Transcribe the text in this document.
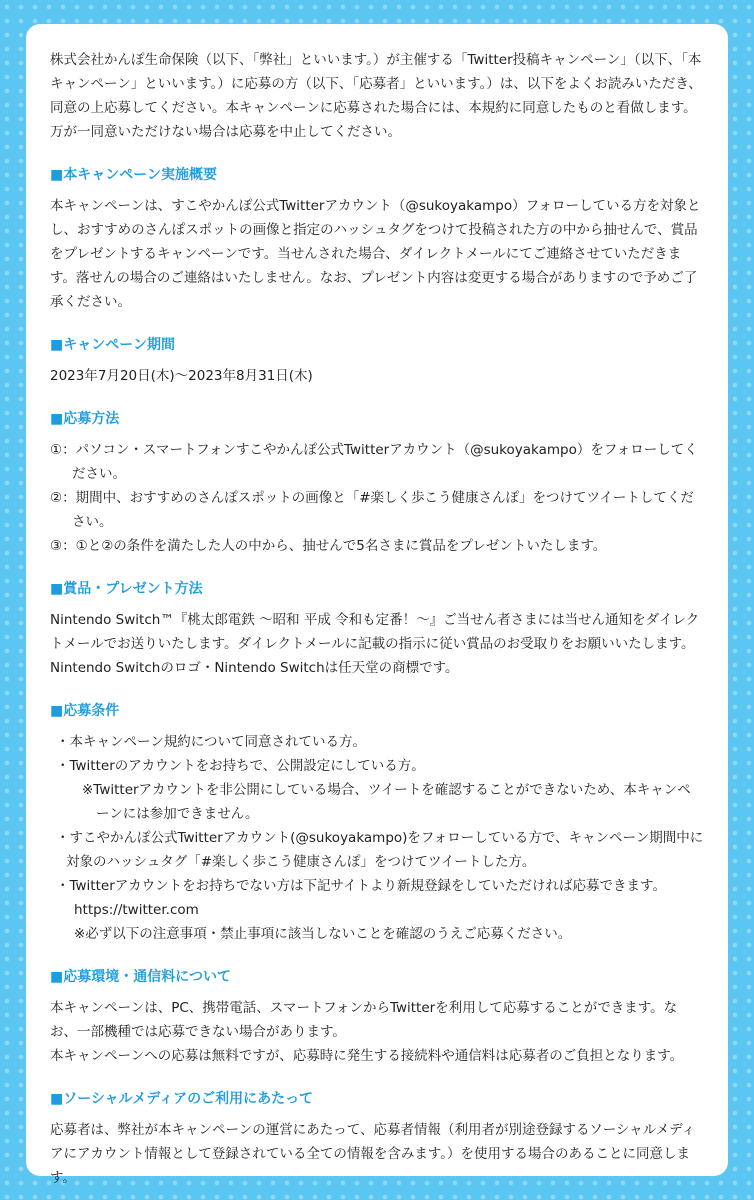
株式会社かんぽ生命保険（以下、「弊社」といいます。）が主催する「Twitter投稿キャンペーン」（以下、「本キャンペーン」といいます。）に応募の方（以下、「応募者」といいます。）は、以下をよくお読みいただき、同意の上応募してください。本キャンペーンに応募された場合には、本規約に同意したものと看做します。万が一同意いただけない場合は応募を中止してください。

■本キャンペーン実施概要

本キャンペーンは、すこやかんぽ公式Twitterアカウント（@sukoyakampo）フォローしている方を対象とし、おすすめのさんぽスポットの画像と指定のハッシュタグをつけて投稿された方の中から抽せんで、賞品をプレゼントするキャンペーンです。当せんされた場合、ダイレクトメールにてご連絡させていただきます。落せんの場合のご連絡はいたしません。なお、プレゼント内容は変更する場合がありますので予めご了承ください。

■キャンペーン期間

2023年7月20日(木)〜2023年8月31日(木)

■応募方法

①：パソコン・スマートフォンすこやかんぽ公式Twitterアカウント（@sukoyakampo）をフォローしてください。

②：期間中、おすすめのさんぽスポットの画像と「#楽しく歩こう健康さんぽ」をつけてツイートしてください。

③：①と②の条件を満たした人の中から、抽せんで5名さまに賞品をプレゼントいたします。

■賞品・プレゼント方法

Nintendo Switch™『桃太郎電鉄 〜昭和 平成 令和も定番！〜』ご当せん者さまには当せん通知をダイレクトメールでお送りいたします。ダイレクトメールに記載の指示に従い賞品のお受取りをお願いいたします。

Nintendo Switchのロゴ・Nintendo Switchは任天堂の商標です。

■応募条件

・本キャンペーン規約について同意されている方。

・Twitterのアカウントをお持ちで、公開設定にしている方。

※Twitterアカウントを非公開にしている場合、ツイートを確認することができないため、本キャンペーンには参加できません。

・すこやかんぽ公式Twitterアカウント(@sukoyakampo)をフォローしている方で、キャンペーン期間中に対象のハッシュタグ「#楽しく歩こう健康さんぽ」をつけてツイートした方。

・Twitterアカウントをお持ちでない方は下記サイトより新規登録をしていただければ応募できます。

https://twitter.com

※必ず以下の注意事項・禁止事項に該当しないことを確認のうえご応募ください。

■応募環境・通信料について

本キャンペーンは、PC、携帯電話、スマートフォンからTwitterを利用して応募することができます。なお、一部機種では応募できない場合があります。

本キャンペーンへの応募は無料ですが、応募時に発生する接続料や通信料は応募者のご負担となります。

■ソーシャルメディアのご利用にあたって

応募者は、弊社が本キャンペーンの運営にあたって、応募者情報（利用者が別途登録するソーシャルメディアにアカウント情報として登録されている全ての情報を含みます。）を使用する場合のあることに同意します。
